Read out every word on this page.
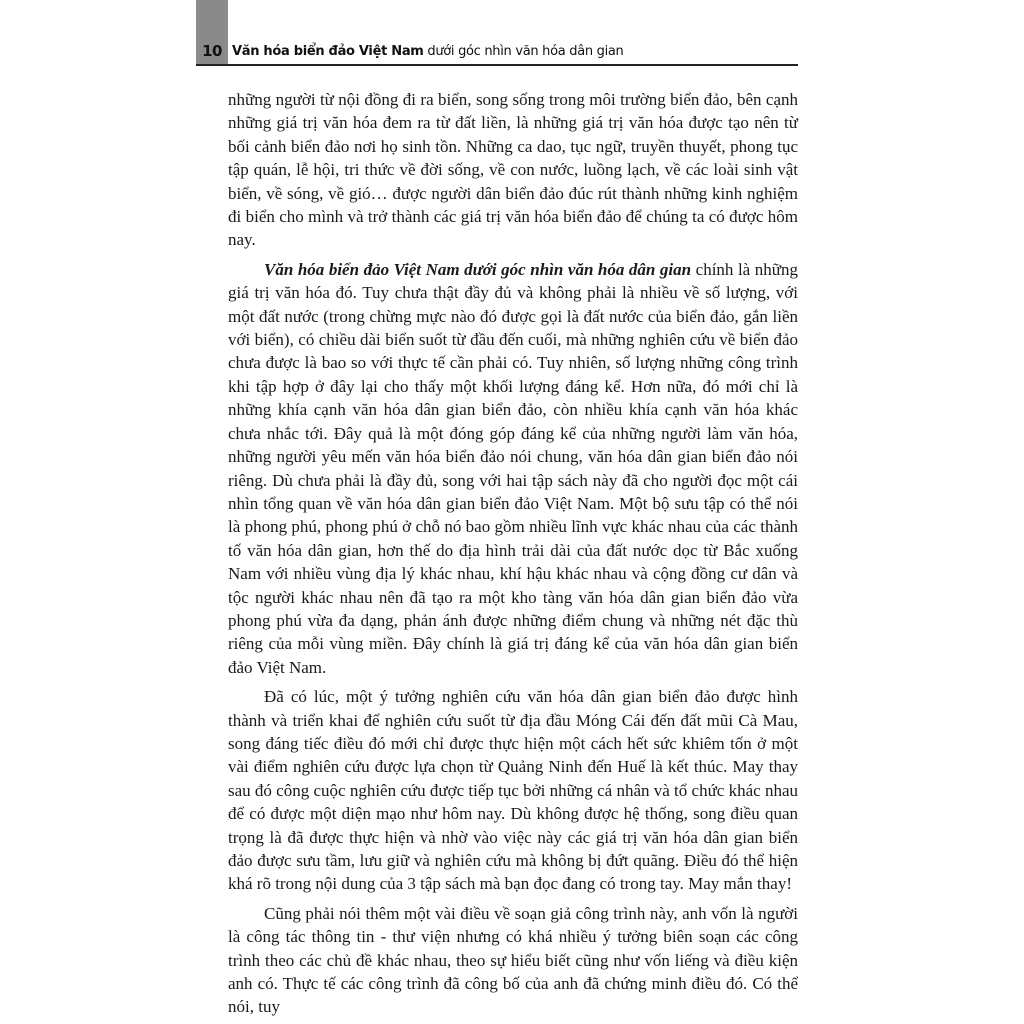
10 Văn hóa biển đảo Việt Nam dưới góc nhìn văn hóa dân gian

những người từ nội đồng đi ra biển, song sống trong môi trường biển đảo, bên cạnh những giá trị văn hóa đem ra từ đất liền, là những giá trị văn hóa được tạo nên từ bối cảnh biển đảo nơi họ sinh tồn. Những ca dao, tục ngữ, truyền thuyết, phong tục tập quán, lễ hội, tri thức về đời sống, về con nước, luồng lạch, về các loài sinh vật biển, về sóng, về gió… được người dân biển đảo đúc rút thành những kinh nghiệm đi biển cho mình và trở thành các giá trị văn hóa biển đảo để chúng ta có được hôm nay.

Văn hóa biển đảo Việt Nam dưới góc nhìn văn hóa dân gian chính là những giá trị văn hóa đó. Tuy chưa thật đầy đủ và không phải là nhiều về số lượng, với một đất nước (trong chừng mực nào đó được gọi là đất nước của biển đảo, gắn liền với biển), có chiều dài biển suốt từ đầu đến cuối, mà những nghiên cứu về biển đảo chưa được là bao so với thực tế cần phải có. Tuy nhiên, số lượng những công trình khi tập hợp ở đây lại cho thấy một khối lượng đáng kể. Hơn nữa, đó mới chỉ là những khía cạnh văn hóa dân gian biển đảo, còn nhiều khía cạnh văn hóa khác chưa nhắc tới. Đây quả là một đóng góp đáng kể của những người làm văn hóa, những người yêu mến văn hóa biển đảo nói chung, văn hóa dân gian biển đảo nói riêng. Dù chưa phải là đầy đủ, song với hai tập sách này đã cho người đọc một cái nhìn tổng quan về văn hóa dân gian biển đảo Việt Nam. Một bộ sưu tập có thể nói là phong phú, phong phú ở chỗ nó bao gồm nhiều lĩnh vực khác nhau của các thành tố văn hóa dân gian, hơn thế do địa hình trải dài của đất nước dọc từ Bắc xuống Nam với nhiều vùng địa lý khác nhau, khí hậu khác nhau và cộng đồng cư dân và tộc người khác nhau nên đã tạo ra một kho tàng văn hóa dân gian biển đảo vừa phong phú vừa đa dạng, phản ánh được những điểm chung và những nét đặc thù riêng của mỗi vùng miền. Đây chính là giá trị đáng kể của văn hóa dân gian biển đảo Việt Nam.

Đã có lúc, một ý tưởng nghiên cứu văn hóa dân gian biển đảo được hình thành và triển khai để nghiên cứu suốt từ địa đầu Móng Cái đến đất mũi Cà Mau, song đáng tiếc điều đó mới chỉ được thực hiện một cách hết sức khiêm tốn ở một vài điểm nghiên cứu được lựa chọn từ Quảng Ninh đến Huế là kết thúc. May thay sau đó công cuộc nghiên cứu được tiếp tục bởi những cá nhân và tổ chức khác nhau để có được một diện mạo như hôm nay. Dù không được hệ thống, song điều quan trọng là đã được thực hiện và nhờ vào việc này các giá trị văn hóa dân gian biển đảo được sưu tầm, lưu giữ và nghiên cứu mà không bị đứt quãng. Điều đó thể hiện khá rõ trong nội dung của 3 tập sách mà bạn đọc đang có trong tay. May mắn thay!

Cũng phải nói thêm một vài điều về soạn giả công trình này, anh vốn là người là công tác thông tin - thư viện nhưng có khá nhiều ý tưởng biên soạn các công trình theo các chủ đề khác nhau, theo sự hiểu biết cũng như vốn liếng và điều kiện anh có. Thực tế các công trình đã công bố của anh đã chứng minh điều đó. Có thể nói, tuy
